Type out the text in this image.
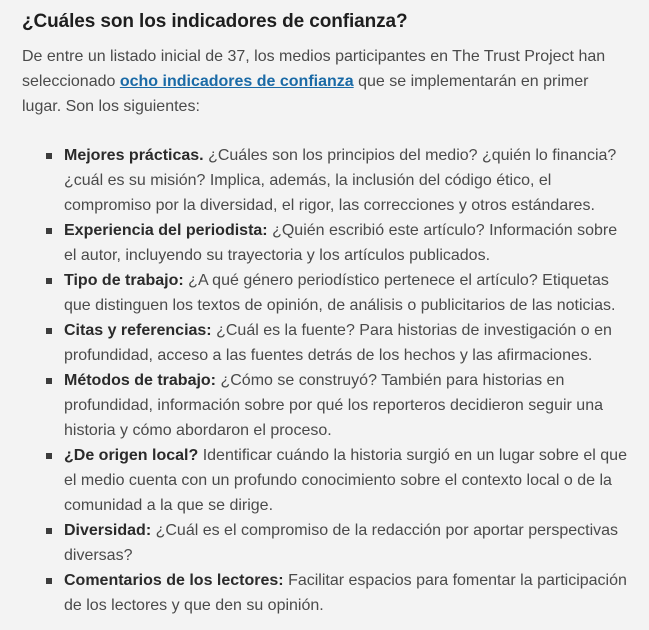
¿Cuáles son los indicadores de confianza?

De entre un listado inicial de 37, los medios participantes en The Trust Project han seleccionado ocho indicadores de confianza que se implementarán en primer lugar. Son los siguientes:

Mejores prácticas. ¿Cuáles son los principios del medio? ¿quién lo financia? ¿cuál es su misión? Implica, además, la inclusión del código ético, el compromiso por la diversidad, el rigor, las correcciones y otros estándares.
Experiencia del periodista: ¿Quién escribió este artículo? Información sobre el autor, incluyendo su trayectoria y los artículos publicados.
Tipo de trabajo: ¿A qué género periodístico pertenece el artículo? Etiquetas que distinguen los textos de opinión, de análisis o publicitarios de las noticias.
Citas y referencias: ¿Cuál es la fuente? Para historias de investigación o en profundidad, acceso a las fuentes detrás de los hechos y las afirmaciones.
Métodos de trabajo: ¿Cómo se construyó? También para historias en profundidad, información sobre por qué los reporteros decidieron seguir una historia y cómo abordaron el proceso.
¿De origen local? Identificar cuándo la historia surgió en un lugar sobre el que el medio cuenta con un profundo conocimiento sobre el contexto local o de la comunidad a la que se dirige.
Diversidad: ¿Cuál es el compromiso de la redacción por aportar perspectivas diversas?
Comentarios de los lectores: Facilitar espacios para fomentar la participación de los lectores y que den su opinión.
